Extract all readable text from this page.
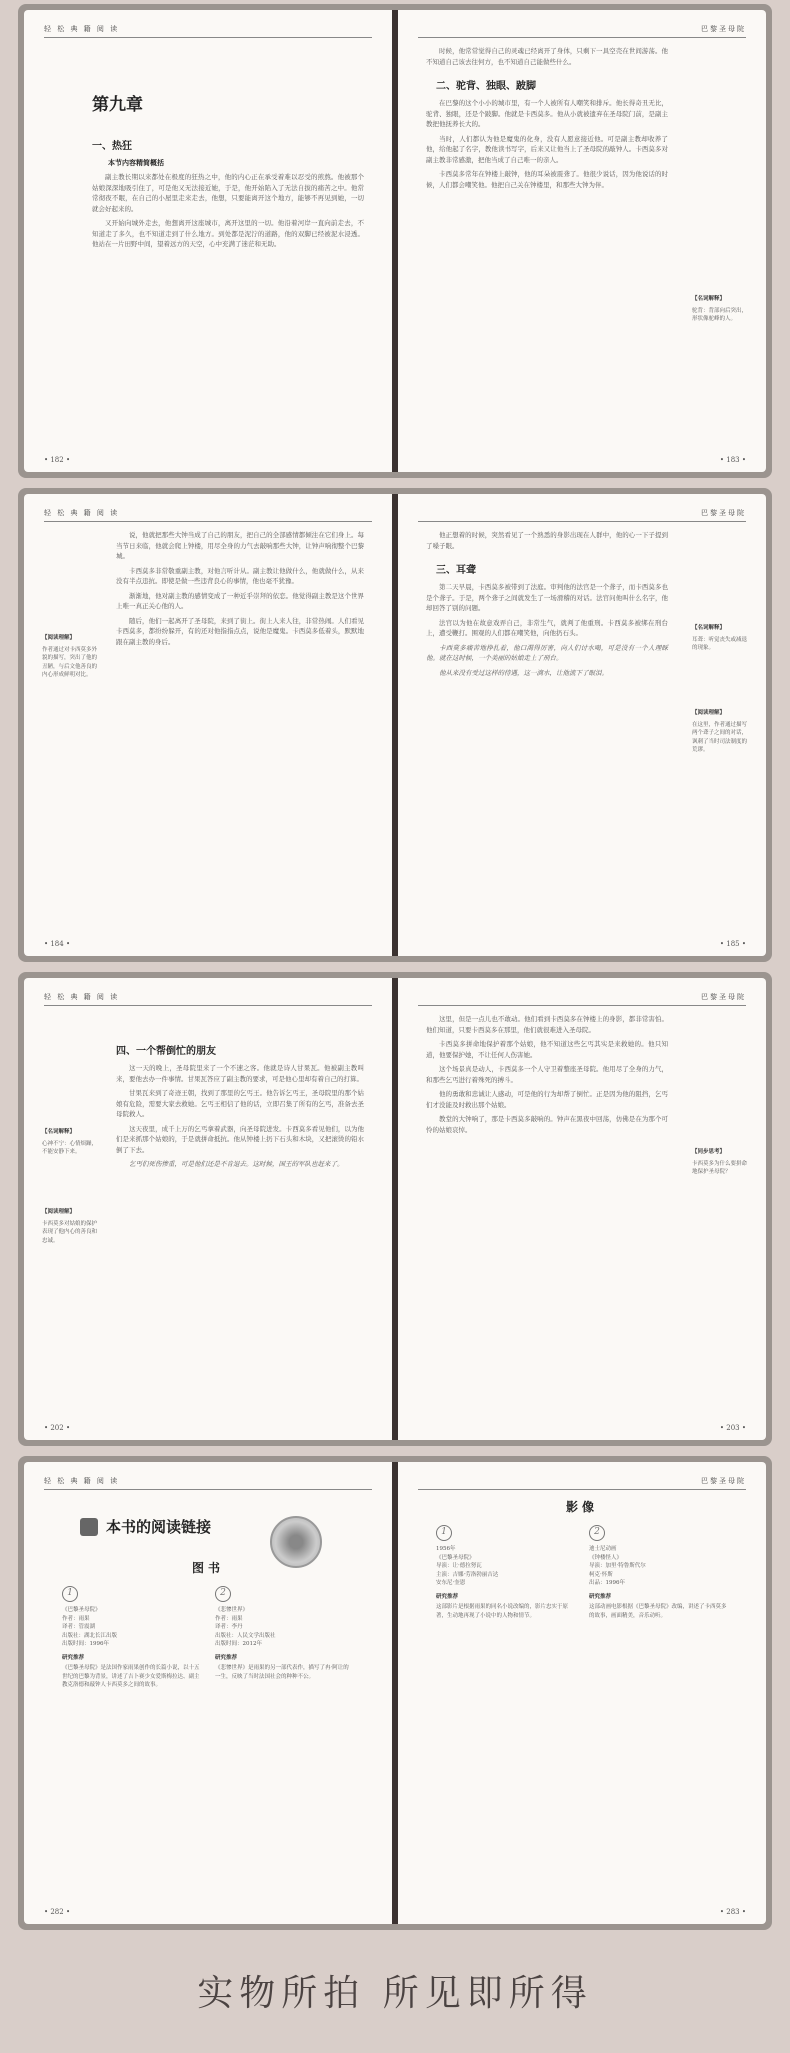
轻 松 典 籍 阅 读
第九章
一、热狂
本节内容精简概括

副主教长期以来都处在极度的狂热之中，他的内心正在承受着难以忍受的煎熬。他被那个姑娘深深地吸引住了，可是他又无法接近她，于是，他开始陷入了无法自拔的痛苦之中。他常常彻夜不眠，在自己的小屋里走来走去，他想，只要能离开这个地方，能够不再见到她，一切就会好起来的。

又开始向城外走去，他想离开这座城市，离开这里的一切。他沿着河岸一直向前走去，不知道走了多久，也不知道走到了什么地方。到处都是泥泞的道路，他的双脚已经被泥水浸透。他站在一片田野中间，望着远方的天空，心中充满了迷茫和无助。

• 182 •
巴黎圣母院

时候，他常常觉得自己的灵魂已经离开了身体，只剩下一具空壳在世间游荡。他不知道自己该去往何方，也不知道自己能做些什么。

二、驼背、独眼、跛脚

在巴黎的这个小小的城市里，有一个人被所有人嘲笑和排斥。他长得奇丑无比，驼背、独眼，还是个跛脚。他就是卡西莫多。他从小就被遗弃在圣母院门前，是副主教把他抚养长大的。

当时，人们都认为他是魔鬼的化身，没有人愿意接近他。可是副主教却收养了他，给他起了名字，教他读书写字，后来又让他当上了圣母院的敲钟人。卡西莫多对副主教非常感激，把他当成了自己唯一的亲人。

卡西莫多常年在钟楼上敲钟，他的耳朵被震聋了。他很少说话，因为他说话的时候，人们都会嘲笑他。他把自己关在钟楼里，和那些大钟为伴。

【名词解释】
驼背：背部向后突出，形状像驼峰的人。
• 183 •
轻 松 典 籍 阅 读

说，他就把那些大钟当成了自己的朋友，把自己的全部感情都倾注在它们身上。每当节日来临，他就会爬上钟楼，用尽全身的力气去敲响那些大钟，让钟声响彻整个巴黎城。

卡西莫多非常敬重副主教，对他言听计从。副主教让他做什么，他就做什么，从来没有半点违抗。即使是做一些违背良心的事情，他也毫不犹豫。

渐渐地，他对副主教的感情变成了一种近乎崇拜的依恋。他觉得副主教是这个世界上唯一真正关心他的人。

随后，他们一起离开了圣母院，来到了街上。街上人来人往，非常热闹。人们看见卡西莫多，都纷纷躲开，有的还对他指指点点，说他是魔鬼。卡西莫多低着头，默默地跟在副主教的身后。

【阅读理解】
作者通过对卡西莫多外貌的描写，突出了他的丑陋，与后文他善良的内心形成鲜明对比。
• 184 •
巴黎圣母院

他正想着的时候，突然看见了一个熟悉的身影出现在人群中，他的心一下子提到了嗓子眼。

三、耳聋

第二天早晨，卡西莫多被带到了法庭。审判他的法官是一个聋子，而卡西莫多也是个聋子。于是，两个聋子之间就发生了一场滑稽的对话。法官问他叫什么名字，他却回答了别的问题。

法官以为他在故意戏弄自己，非常生气，就判了他重刑。卡西莫多被绑在刑台上，遭受鞭打。围观的人们都在嘲笑他，向他扔石头。

卡西莫多痛苦地挣扎着，他口渴得厉害，向人们讨水喝，可是没有一个人理睬他。就在这时候，一个美丽的姑娘走上了刑台。

他从来没有受过这样的待遇，这一滴水，让他流下了眼泪。

【名词解释】
耳聋：听觉丧失或减退的现象。
【阅读理解】
在这里，作者通过描写两个聋子之间的对话，讽刺了当时司法制度的荒谬。
• 185 •
轻 松 典 籍 阅 读
四、一个帮倒忙的朋友

这一天的晚上，圣母院里来了一个不速之客。他就是诗人甘果瓦。他被副主教叫来，要他去办一件事情。甘果瓦答应了副主教的要求，可是他心里却有着自己的打算。

甘果瓦来到了奇迹王朝，找到了那里的乞丐王。他告诉乞丐王，圣母院里的那个姑娘有危险，需要大家去救她。乞丐王相信了他的话，立即召集了所有的乞丐，准备去圣母院救人。

这天夜里，成千上万的乞丐拿着武器，向圣母院进发。卡西莫多看见他们，以为他们是来抓那个姑娘的，于是就拼命抵抗。他从钟楼上扔下石头和木块，又把滚烫的铅水倒了下去。

乞丐们死伤惨重，可是他们还是不肯退去。这时候，国王的军队也赶来了。

【名词解释】
心神不宁：心情烦躁，不能安静下来。
【阅读理解】
卡西莫多对姑娘的保护表现了他内心的善良和忠诚。
• 202 •
巴黎圣母院

这里，但是一点儿也不敢动。他们看到卡西莫多在钟楼上的身影，都非常害怕。他们知道，只要卡西莫多在那里，他们就很难进入圣母院。

卡西莫多拼命地保护着那个姑娘，他不知道这些乞丐其实是来救她的。他只知道，他要保护她，不让任何人伤害她。

这个场景真是动人，卡西莫多一个人守卫着整座圣母院。他用尽了全身的力气，和那些乞丐进行着殊死的搏斗。

他的勇敢和忠诚让人感动，可是他的行为却帮了倒忙。正是因为他的阻挡，乞丐们才没能及时救出那个姑娘。

教堂的大钟响了，那是卡西莫多敲响的。钟声在黑夜中回荡，仿佛是在为那个可怜的姑娘哀悼。

【同步思考】
卡西莫多为什么要拼命地保护圣母院？
• 203 •
轻 松 典 籍 阅 读
本书的阅读链接
图书
1
《巴黎圣母院》
作者：雨果
译者：管震湖
出版社：湖北长江出版
出版时间：1996年
研究推荐
《巴黎圣母院》是法国作家雨果创作的长篇小说，以十五世纪的巴黎为背景，讲述了吉卜赛少女爱斯梅拉达、副主教克洛德和敲钟人卡西莫多之间的故事。
2
《悲惨世界》
作者：雨果
译者：李丹
出版社：人民文学出版社
出版时间：2012年
研究推荐
《悲惨世界》是雨果的另一部代表作，描写了冉·阿让的一生，反映了当时法国社会的种种不公。
• 282 •
巴黎圣母院
影像
1
1956年
《巴黎圣母院》
导演：让·德拉努瓦
主演：吉娜·劳洛勃丽吉达
安东尼·奎恩
研究推荐
这部影片是根据雨果的同名小说改编的，影片忠实于原著，生动地再现了小说中的人物和情节。
2
迪士尼动画
《钟楼怪人》
导演：加里·特鲁斯代尔
柯克·怀斯
出品：1996年
研究推荐
这部动画电影根据《巴黎圣母院》改编，讲述了卡西莫多的故事，画面精美，音乐动听。
• 283 •
实物所拍 所见即所得
